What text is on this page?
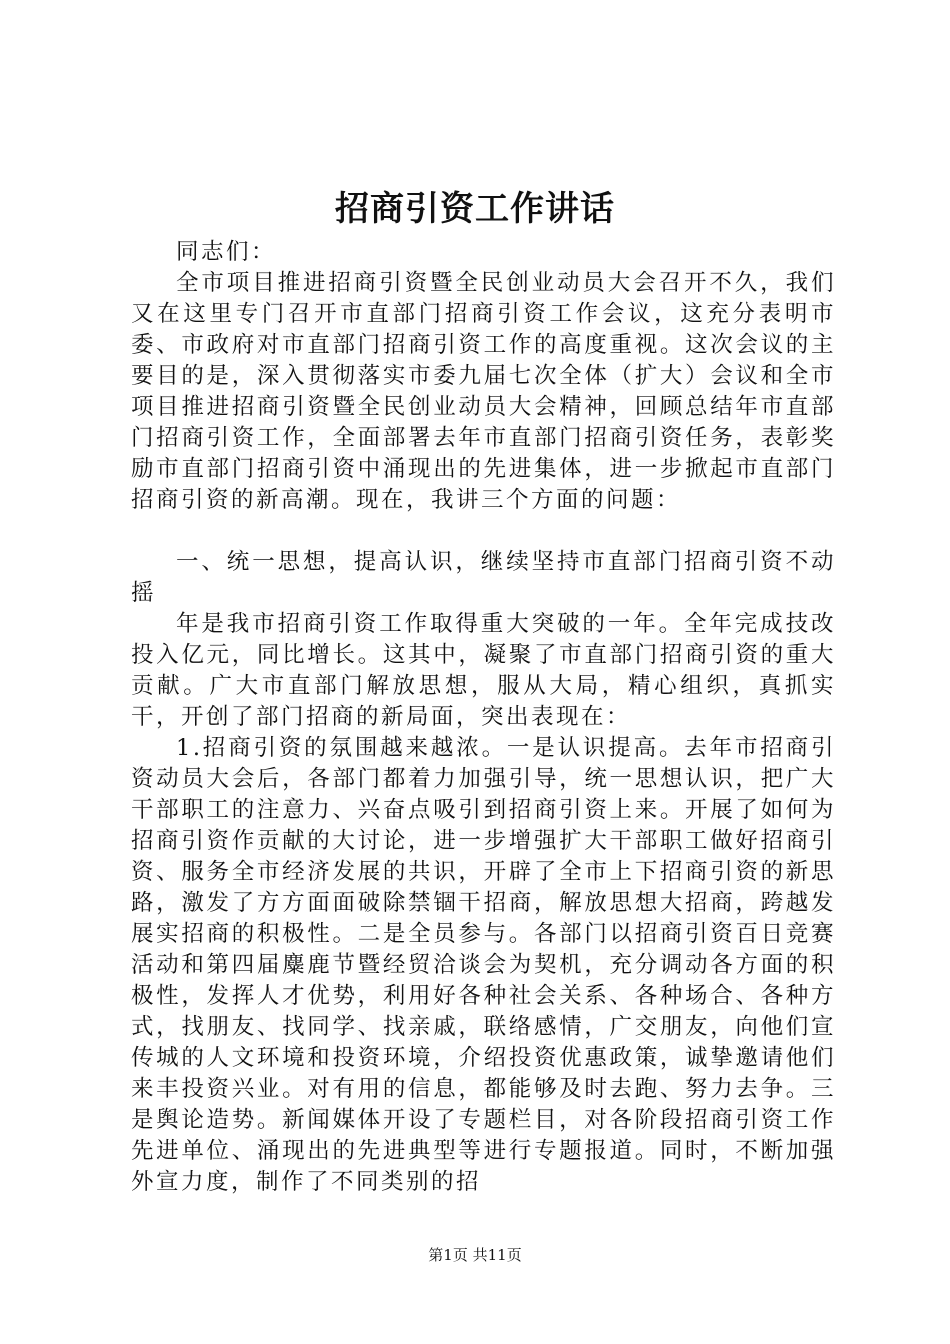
招商引资工作讲话

同志们：

全市项目推进招商引资暨全民创业动员大会召开不久，我们又在这里专门召开市直部门招商引资工作会议，这充分表明市委、市政府对市直部门招商引资工作的高度重视。这次会议的主要目的是，深入贯彻落实市委九届七次全体（扩大）会议和全市项目推进招商引资暨全民创业动员大会精神，回顾总结年市直部门招商引资工作，全面部署去年市直部门招商引资任务，表彰奖励市直部门招商引资中涌现出的先进集体，进一步掀起市直部门招商引资的新高潮。现在，我讲三个方面的问题：

一、统一思想，提高认识，继续坚持市直部门招商引资不动摇

年是我市招商引资工作取得重大突破的一年。全年完成技改投入亿元，同比增长。这其中，凝聚了市直部门招商引资的重大贡献。广大市直部门解放思想，服从大局，精心组织，真抓实干，开创了部门招商的新局面，突出表现在：

1.招商引资的氛围越来越浓。一是认识提高。去年市招商引资动员大会后，各部门都着力加强引导，统一思想认识，把广大干部职工的注意力、兴奋点吸引到招商引资上来。开展了如何为招商引资作贡献的大讨论，进一步增强扩大干部职工做好招商引资、服务全市经济发展的共识，开辟了全市上下招商引资的新思路，激发了方方面面破除禁锢干招商，解放思想大招商，跨越发展实招商的积极性。二是全员参与。各部门以招商引资百日竞赛活动和第四届麋鹿节暨经贸洽谈会为契机，充分调动各方面的积极性，发挥人才优势，利用好各种社会关系、各种场合、各种方式，找朋友、找同学、找亲戚，联络感情，广交朋友，向他们宣传城的人文环境和投资环境，介绍投资优惠政策，诚挚邀请他们来丰投资兴业。对有用的信息，都能够及时去跑、努力去争。三是舆论造势。新闻媒体开设了专题栏目，对各阶段招商引资工作先进单位、涌现出的先进典型等进行专题报道。同时，不断加强外宣力度，制作了不同类别的招

第1页 共11页
